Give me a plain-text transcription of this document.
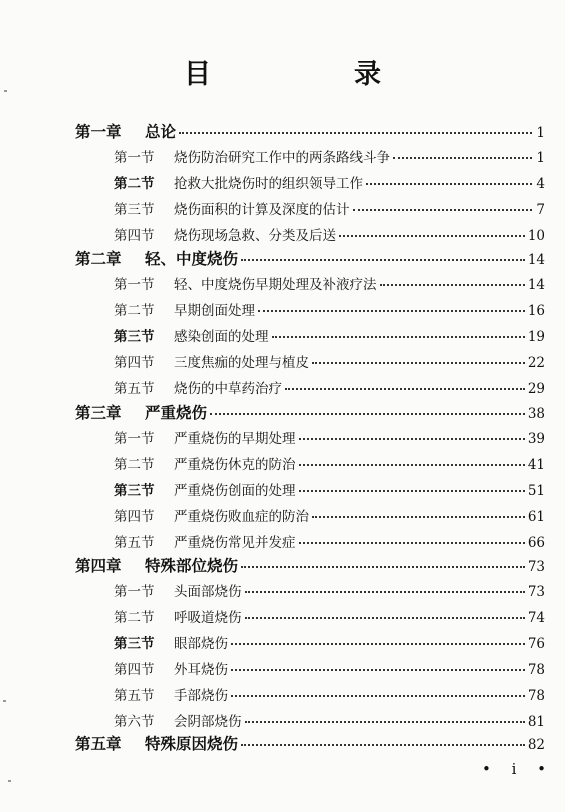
目　录
第一章	总论	1
第一节	烧伤防治研究工作中的两条路线斗争	1
第二节	抢救大批烧伤时的组织领导工作	4
第三节	烧伤面积的计算及深度的估计	7
第四节	烧伤现场急救、分类及后送	10
第二章	轻、中度烧伤	14
第一节	轻、中度烧伤早期处理及补液疗法	14
第二节	早期创面处理	16
第三节	感染创面的处理	19
第四节	三度焦痂的处理与植皮	22
第五节	烧伤的中草药治疗	29
第三章	严重烧伤	38
第一节	严重烧伤的早期处理	39
第二节	严重烧伤休克的防治	41
第三节	严重烧伤创面的处理	51
第四节	严重烧伤败血症的防治	61
第五节	严重烧伤常见并发症	66
第四章	特殊部位烧伤	73
第一节	头面部烧伤	73
第二节	呼吸道烧伤	74
第三节	眼部烧伤	76
第四节	外耳烧伤	78
第五节	手部烧伤	78
第六节	会阴部烧伤	81
第五章	特殊原因烧伤	82
• i •
